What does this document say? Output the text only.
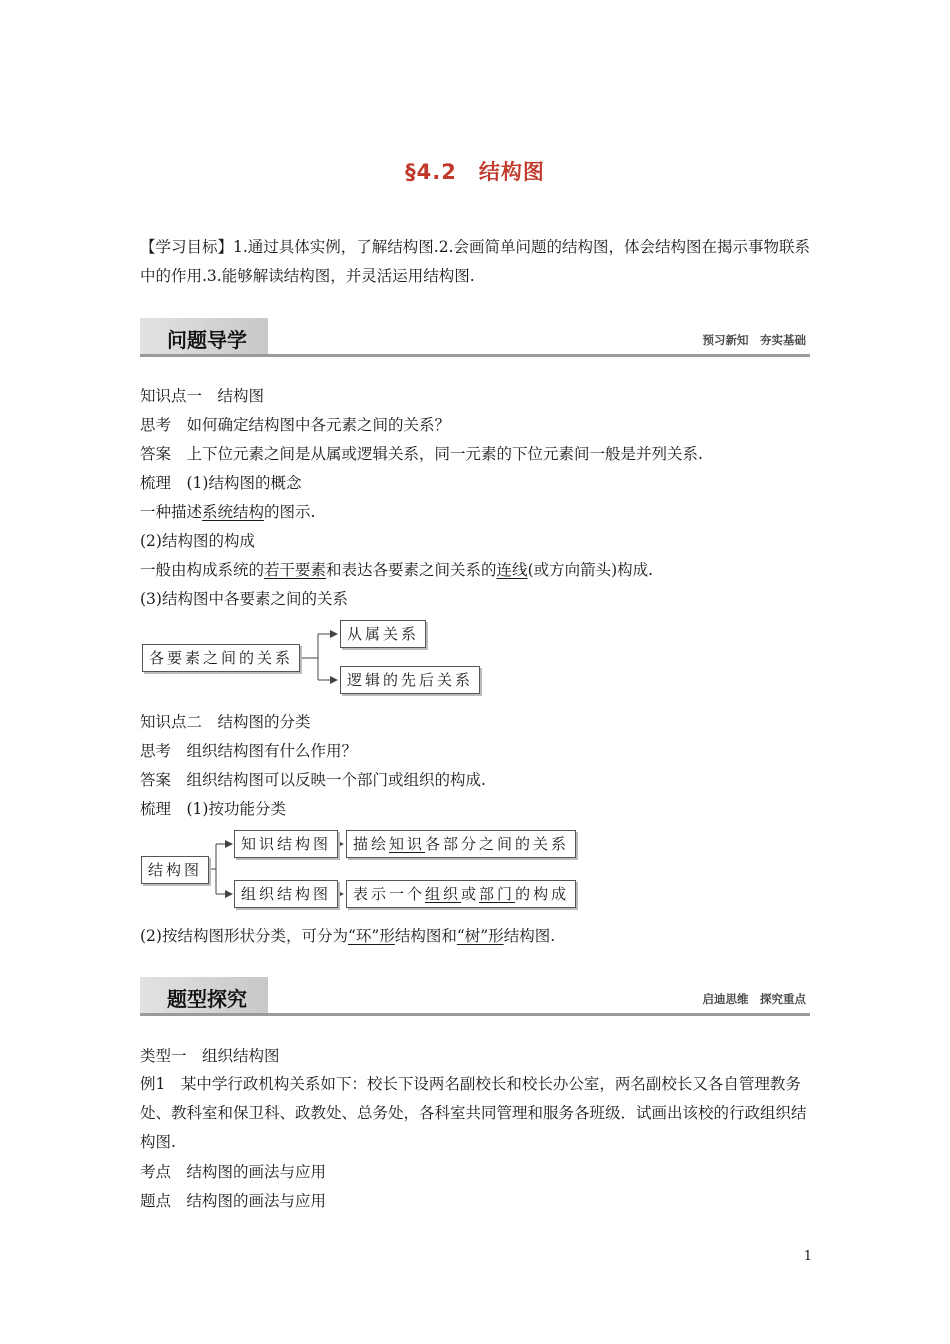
§4.2　结构图
【学习目标】1.通过具体实例，了解结构图.2.会画简单问题的结构图，体会结构图在揭示事物联系中的作用.3.能够解读结构图，并灵活运用结构图.
问题导学	预习新知　夯实基础
知识点一　结构图
思考　如何确定结构图中各元素之间的关系？
答案　上下位元素之间是从属或逻辑关系，同一元素的下位元素间一般是并列关系.
梳理　(1)结构图的概念
一种描述系统结构的图示.
(2)结构图的构成
一般由构成系统的若干要素和表达各要素之间关系的连线(或方向箭头)构成.
(3)结构图中各要素之间的关系
各要素之间的关系
从属关系
逻辑的先后关系
知识点二　结构图的分类
思考　组织结构图有什么作用？
答案　组织结构图可以反映一个部门或组织的构成.
梳理　(1)按功能分类
结构图
知识结构图
组织结构图
描绘知识各部分之间的关系
表示一个组织或部门的构成
(2)按结构图形状分类，可分为“环”形结构图和“树”形结构图.
题型探究	启迪思维　探究重点
类型一　组织结构图
例1　某中学行政机构关系如下：校长下设两名副校长和校长办公室，两名副校长又各自管理教务处、教科室和保卫科、政教处、总务处，各科室共同管理和服务各班级．试画出该校的行政组织结构图.
考点　结构图的画法与应用
题点　结构图的画法与应用
1
